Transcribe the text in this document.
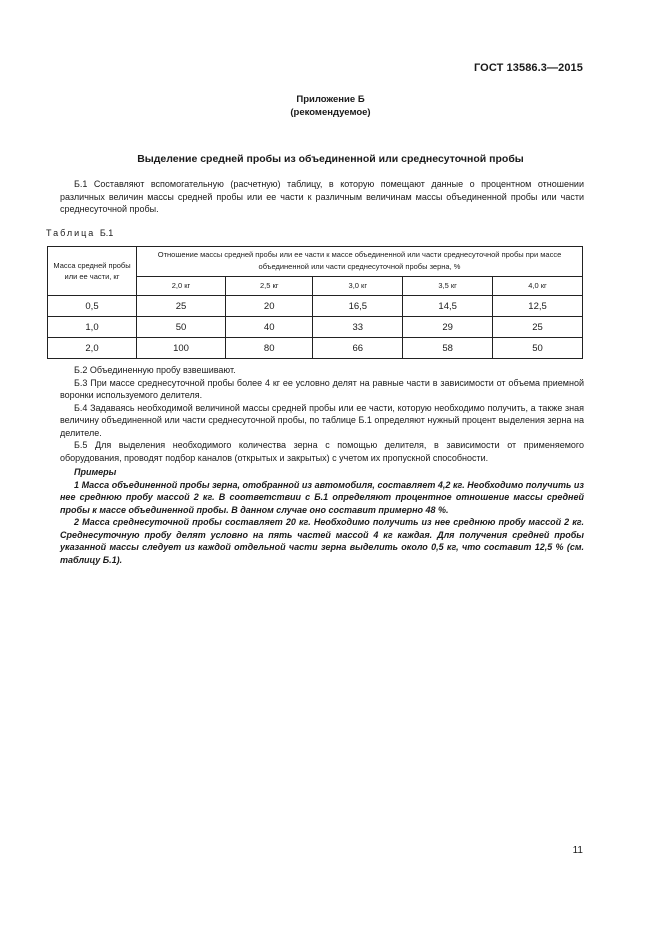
ГОСТ 13586.3—2015
Приложение Б
(рекомендуемое)
Выделение средней пробы из объединенной или среднесуточной пробы

Б.1 Составляют вспомогательную (расчетную) таблицу, в которую помещают данные о процентном отношении различных величин массы средней пробы или ее части к различным величинам массы объединенной пробы или части среднесуточной пробы.

Таблица Б.1
Масса средней пробы или ее части, кг	Отношение массы средней пробы или ее части к массе объединенной или части среднесуточной пробы при массе объединенной или части среднесуточной пробы зерна, %				
	2,0 кг	2,5 кг	3,0 кг	3,5 кг	4,0 кг
0,5	25	20	16,5	14,5	12,5
1,0	50	40	33	29	25
2,0	100	80	66	58	50

Б.2 Объединенную пробу взвешивают.

Б.3 При массе среднесуточной пробы более 4 кг ее условно делят на равные части в зависимости от объема приемной воронки используемого делителя.

Б.4 Задаваясь необходимой величиной массы средней пробы или ее части, которую необходимо получить, а также зная величину объединенной или части среднесуточной пробы, по таблице Б.1 определяют нужный процент выделения зерна на делителе.

Б.5 Для выделения необходимого количества зерна с помощью делителя, в зависимости от применяемого оборудования, проводят подбор каналов (открытых и закрытых) с учетом их пропускной способности.

Примеры

1 Масса объединенной пробы зерна, отобранной из автомобиля, составляет 4,2 кг. Необходимо получить из нее среднюю пробу массой 2 кг. В соответствии с Б.1 определяют процентное отношение массы средней пробы к массе объединенной пробы. В данном случае оно составит примерно 48 %.

2 Масса среднесуточной пробы составляет 20 кг. Необходимо получить из нее среднюю пробу массой 2 кг. Среднесуточную пробу делят условно на пять частей массой 4 кг каждая. Для получения средней пробы указанной массы следует из каждой отдельной части зерна выделить около 0,5 кг, что составит 12,5 % (см. таблицу Б.1).

11
